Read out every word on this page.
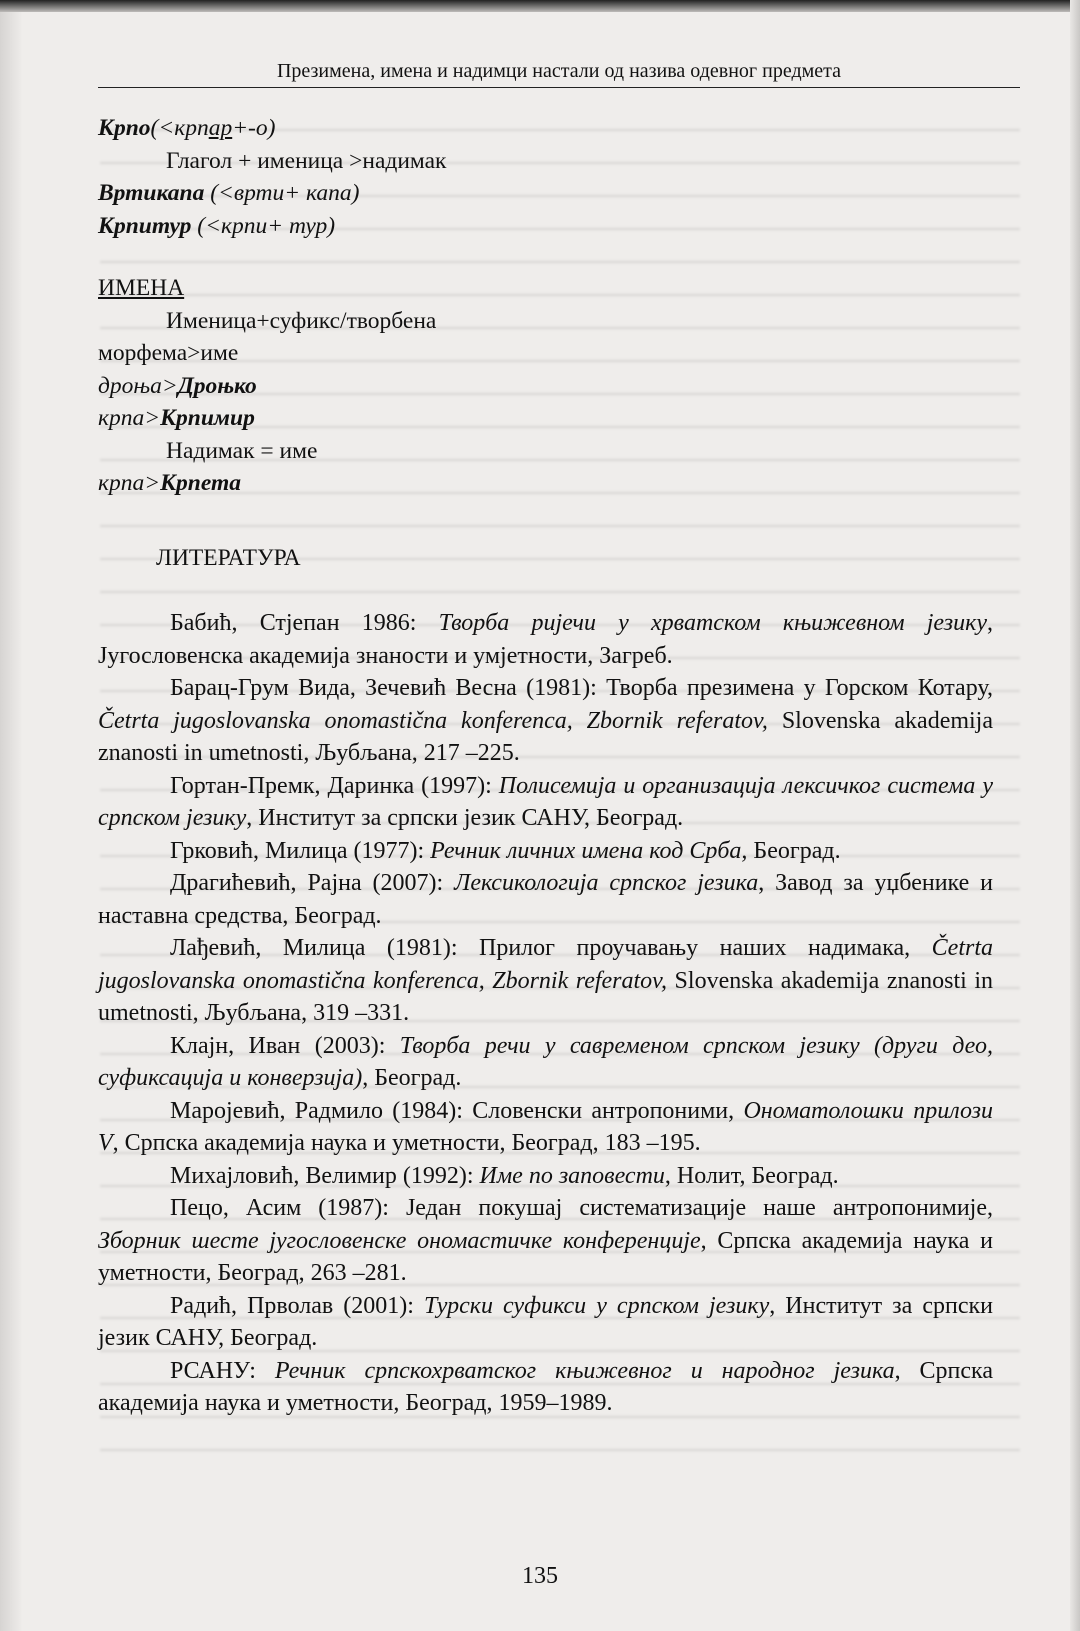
Презимена, имена и надимци настали од назива одевног предмета
Крпо(<крпар+-о)
Глагол + именица >надимак
Вртикапа (<врти+ капа)
Крпитур (<крпи+ тур)
ИМЕНА
Именица+суфикс/творбена
морфема>име
дроња>Дроњко
крпа>Крпимир
Надимак = име
крпа>Крпета
ЛИТЕРАТУРА
Бабић, Стјепан 1986: Творба ријечи у хрватском књижевном језику, Југословенска академија знаности и умјетности, Загреб.
Барац-Грум Вида, Зечевић Весна (1981): Творба презимена у Горском Котару, Četrta jugoslovanska onomastična konferenca, Zbornik referatov, Slovenska akademija znanosti in umetnosti, Љубљана, 217 –225.
Гортан-Премк, Даринка (1997): Полисемија и организација лексичког система у српском језику, Институт за српски језик САНУ, Београд.
Грковић, Милица (1977): Речник личних имена код Срба, Београд.
Драгићевић, Рајна (2007): Лексикологија српског језика, Завод за уџбенике и наставна средства, Београд.
Лађевић, Милица (1981): Прилог проучавању наших надимака, Četrta jugoslovanska onomastična konferenca, Zbornik referatov, Slovenska akademija znanosti in umetnosti, Љубљана, 319 –331.
Клајн, Иван (2003): Творба речи у савременом српском језику (други део, суфиксација и конверзија), Београд.
Маројевић, Радмило (1984): Словенски антропоними, Ономатолошки прилози V, Српска академија наука и уметности, Београд, 183 –195.
Михајловић, Велимир (1992): Име по заповести, Нолит, Београд.
Пецо, Асим (1987): Један покушај систематизације наше антропонимије, Зборник шесте југословенске ономастичке конференције, Српска академија наука и уметности, Београд, 263 –281.
Радић, Прволав (2001): Турски суфикси у српском језику, Институт за српски језик САНУ, Београд.
РСАНУ: Речник српскохрватског књижевног и народног језика, Српска академија наука и уметности, Београд, 1959–1989.
135
